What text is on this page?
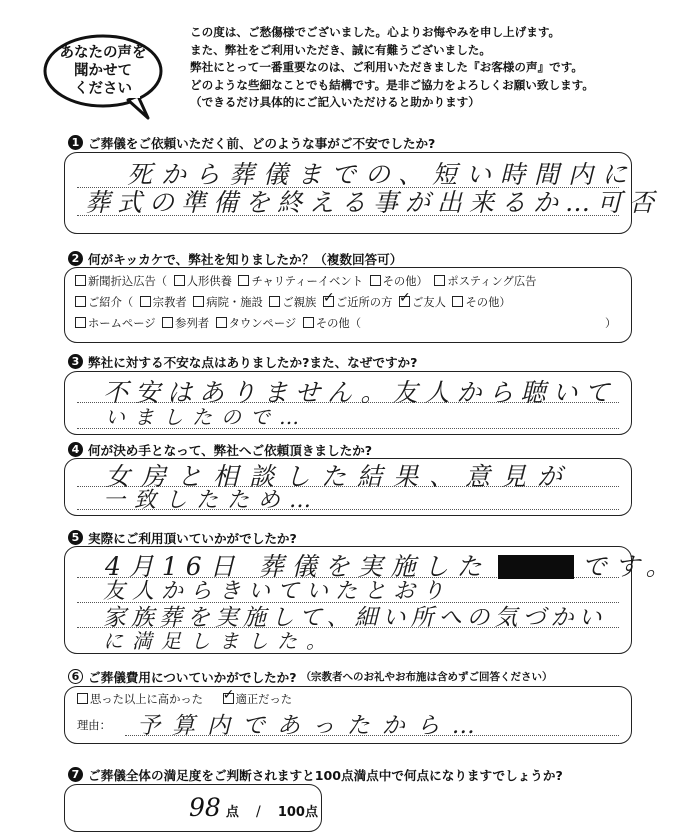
あなたの声を
聞かせて
ください
この度は、ご愁傷様でございました。心よりお悔やみを申し上げます。
また、弊社をご利用いただき、誠に有難うございました。
弊社にとって一番重要なのは、ご利用いただきました『お客様の声』です。
どのような些細なことでも結構です。是非ご協力をよろしくお願い致します。
（できるだけ具体的にご記入いただけると助かります）
1 ご葬儀をご依頼いただく前、どのような事がご不安でしたか?
死から葬儀までの、短い時間内に
葬式の準備を終える事が出来るか…可否
2 何がキッカケで、弊社を知りましたか？（複数回答可）
新聞折込広告（ 人形供養 チャリティーイベント その他） ポスティング広告
ご紹介（ 宗教者 病院・施設 ご親族 ✓ ご近所の方 ✓ ご友人 その他）
ホームページ 参列者 タウンページ その他（	）
3 弊社に対する不安な点はありましたか?また、なぜですか?
不安はありません。友人から聴いて
いましたので…
4 何が決め手となって、弊社へご依頼頂きましたか?
女房と相談した結果、意見が
一致したため…
5 実際にご利用頂いていかがでしたか?
4月16日 葬儀を実施した	です。
友人からきいていたとおり
家族葬を実施して、細い所への気づかい
に満足しました。
6 ご葬儀費用についていかがでしたか? （宗教者へのお礼やお布施は含めずご回答ください）
思った以上に高かった ✓	適正だった
理由： 予算内であったから…
7 ご葬儀全体の満足度をご判断されますと100点満点中で何点になりますでしょうか?
98 点 / 100点
